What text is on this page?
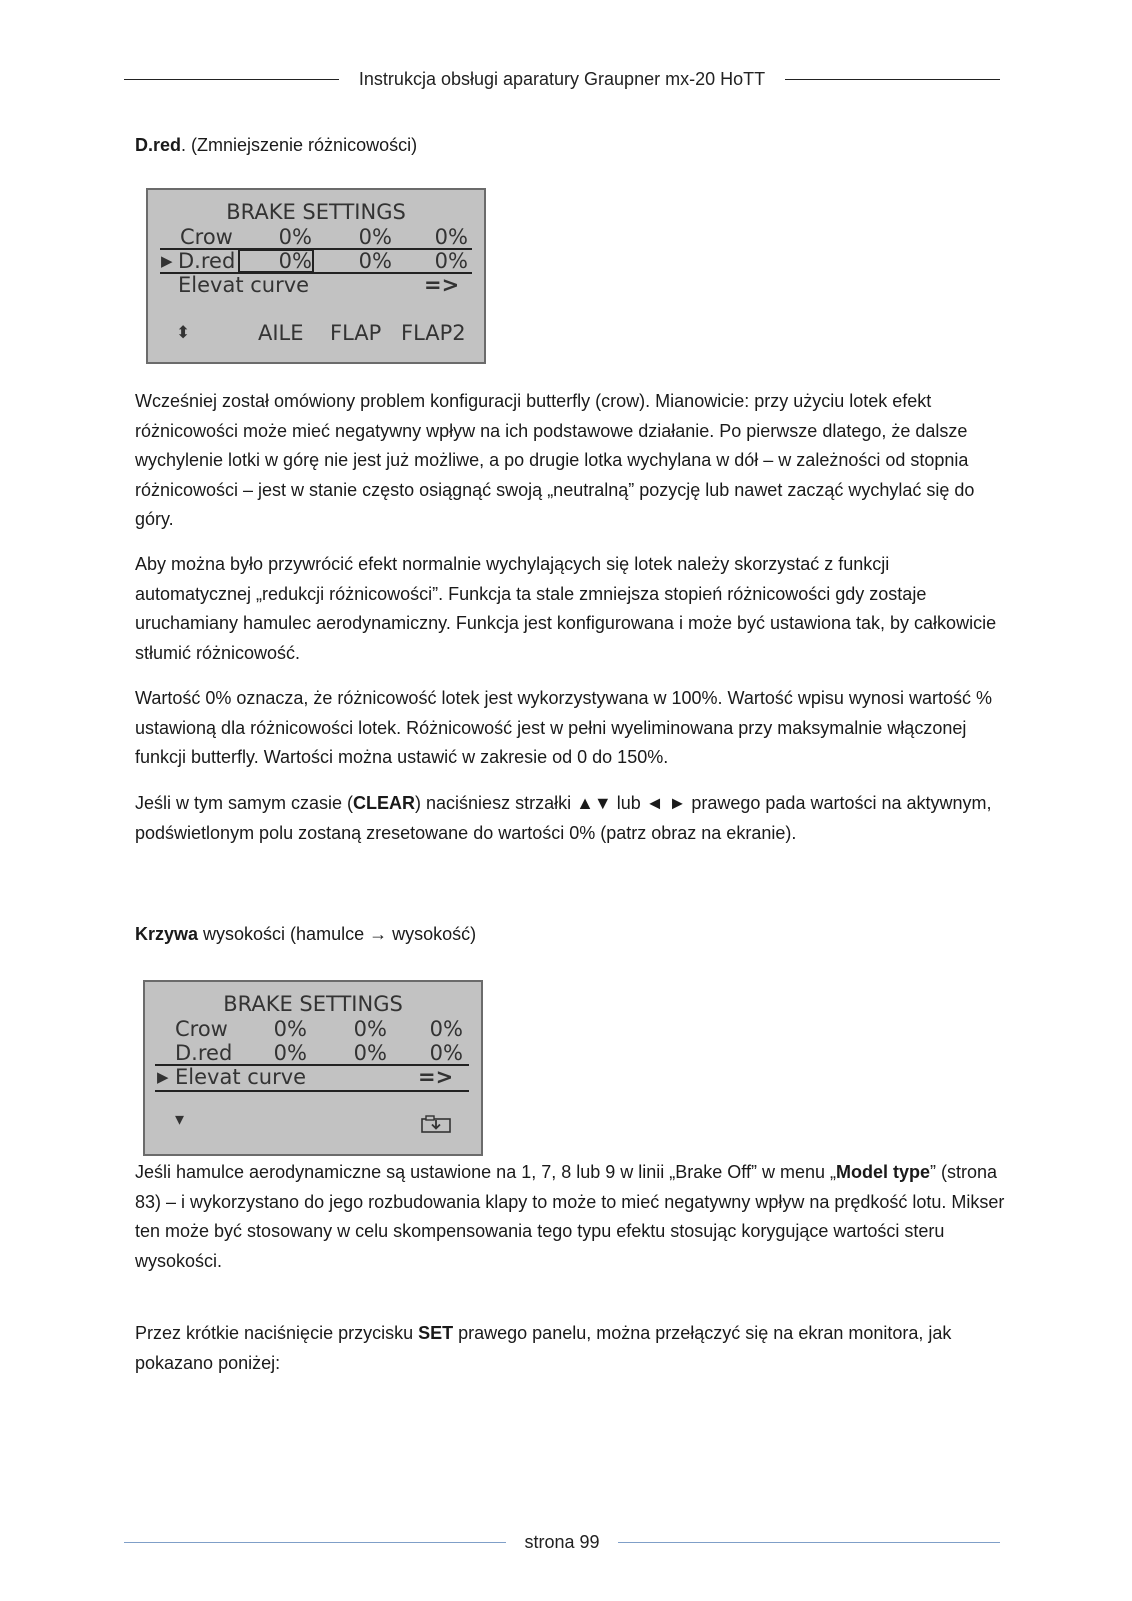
Instrukcja obsługi aparatury Graupner mx-20 HoTT
D.red. (Zmniejszenie różnicowości)
BRAKE SETTINGS
Crow	0%	0%	0%
▶ D.red	0%	0%	0%
Elevat curve	=>
⬍	AILE FLAP FLAP2
Wcześniej został omówiony problem konfiguracji butterfly (crow). Mianowicie: przy użyciu lotek efekt różnicowości może mieć negatywny wpływ na ich podstawowe działanie. Po pierwsze dlatego, że dalsze wychylenie lotki w górę nie jest już możliwe, a po drugie lotka wychylana w dół – w zależności od stopnia różnicowości – jest w stanie często osiągnąć swoją „neutralną” pozycję lub nawet zacząć wychylać się do góry.
Aby można było przywrócić efekt normalnie wychylających się lotek należy skorzystać z funkcji automatycznej „redukcji różnicowości”. Funkcja ta stale zmniejsza stopień różnicowości gdy zostaje uruchamiany hamulec aerodynamiczny. Funkcja jest konfigurowana i może być ustawiona tak, by całkowicie stłumić różnicowość.
Wartość 0% oznacza, że różnicowość lotek jest wykorzystywana w 100%. Wartość wpisu wynosi wartość % ustawioną dla różnicowości lotek. Różnicowość jest w pełni wyeliminowana przy maksymalnie włączonej funkcji butterfly. Wartości można ustawić w zakresie od 0 do 150%.
Jeśli w tym samym czasie (CLEAR) naciśniesz strzałki ▲▼ lub ◄ ► prawego pada wartości na aktywnym, podświetlonym polu zostaną zresetowane do wartości 0% (patrz obraz na ekranie).
Krzywa wysokości (hamulce → wysokość)
BRAKE SETTINGS
Crow	0%	0%	0%
D.red	0%	0%	0%
▶ Elevat curve	=>
▾
Jeśli hamulce aerodynamiczne są ustawione na 1, 7, 8 lub 9 w linii „Brake Off” w menu „Model type” (strona 83) – i wykorzystano do jego rozbudowania klapy to może to mieć negatywny wpływ na prędkość lotu. Mikser ten może być stosowany w celu skompensowania tego typu efektu stosując korygujące wartości steru wysokości.
Przez krótkie naciśnięcie przycisku SET prawego panelu, można przełączyć się na ekran monitora, jak pokazano poniżej:
strona 99
